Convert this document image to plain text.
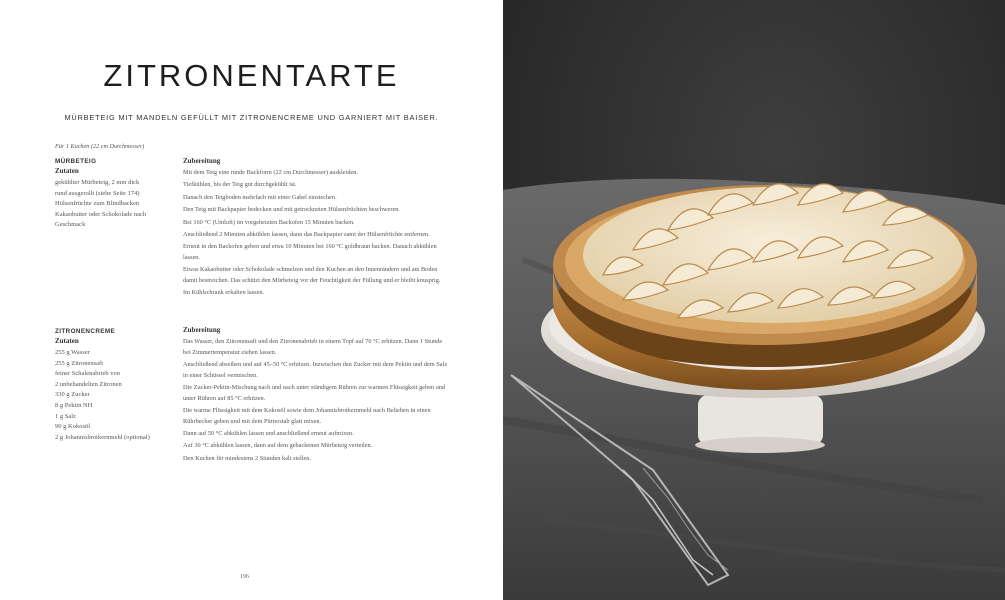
ZITRONENTARTE
MÜRBETEIG MIT MANDELN GEFÜLLT MIT ZITRONENCREME UND GARNIERT MIT BAISER.
Für 1 Kuchen (22 cm Durchmesser)
MÜRBETEIG
Zutaten
gekühlter Mürbeteig, 2 mm dick
rund ausgerollt (siehe Seite 174)
Hülsenfrüchte zum Blindbacken
Kakaobutter oder Schokolade nach
Geschmack
Zubereitung
Mit dem Teig eine runde Backform (22 cm Durchmesser) auskleiden.
Tiefkühlen, bis der Teig gut durchgekühlt ist.
Danach den Teigboden mehrfach mit einer Gabel einstechen.
Den Teig mit Backpapier bedecken und mit getrockneten Hülsenfrüchten beschweren.
Bei 160 °C (Umluft) im vorgeheizten Backofen 15 Minuten backen.
Anschließend 2 Minuten abkühlen lassen, dann das Backpapier samt der Hülsenfrüchte entfernen.
Erneut in den Backofen geben und etwa 10 Minuten bei 160 °C goldbraun backen. Danach abkühlen lassen.
Etwas Kakaobutter oder Schokolade schmelzen und den Kuchen an den Innenrändern und am Boden damit bestreichen. Das schützt den Mürbeteig vor der Feuchtigkeit der Füllung und er bleibt knusprig.
Im Kühlschrank erkalten lassen.
ZITRONENCREME
Zutaten
255 g Wasser
255 g Zitronensaft
feiner Schalenabrieb von
2 unbehandelten Zitronen
330 g Zucker
8 g Pektin NH
1 g Salz
90 g Kokosöl
2 g Johannisbrotkernmehl (optional)
Zubereitung
Das Wasser, den Zitronensaft und den Zitronenabrieb in einem Topf auf 70 °C erhitzen. Dann 1 Stunde bei Zimmertemperatur ziehen lassen.
Anschließend abseihen und auf 45–50 °C erhitzen. Inzwischen den Zucker mit dem Pektin und dem Salz in einer Schüssel vermischen.
Die Zucker-Pektin-Mischung nach und nach unter ständigem Rühren zur warmen Flüssigkeit geben und unter Rühren auf 85 °C erhitzen.
Die warme Flüssigkeit mit dem Kokosöl sowie dem Johannisbrotkernmehl nach Belieben in einen Rührbecher geben und mit dem Pürierstab glatt mixen.
Dann auf 50 °C abkühlen lassen und anschließend erneut aufmixen.
Auf 30 °C abkühlen lassen, dann auf dem gebackenen Mürbeteig verteilen.
Den Kuchen für mindestens 2 Stunden kalt stellen.
196
